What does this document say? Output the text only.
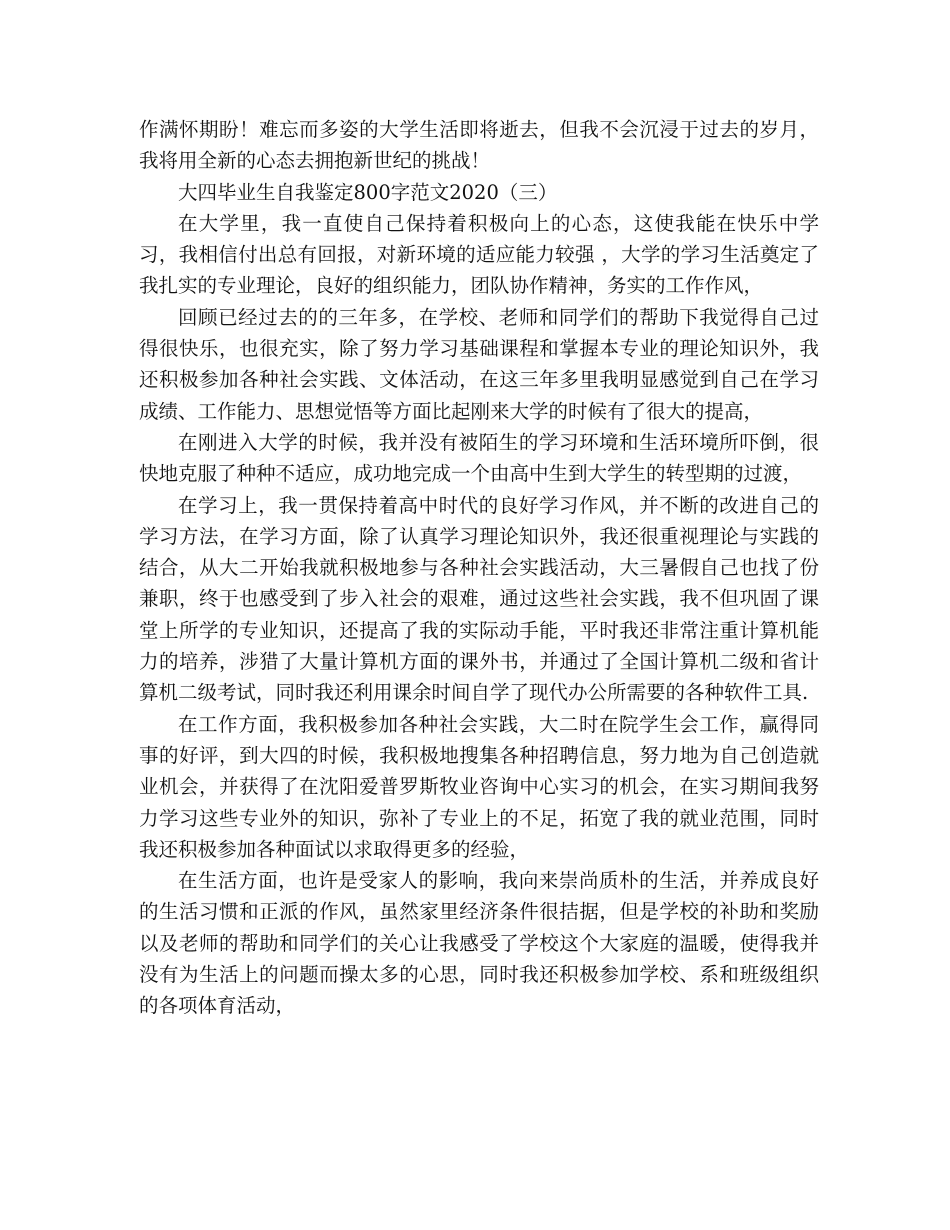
作满怀期盼！难忘而多姿的大学生活即将逝去，但我不会沉浸于过去的岁月，我将用全新的心态去拥抱新世纪的挑战！

大四毕业生自我鉴定800字范文2020（三）

在大学里，我一直使自己保持着积极向上的心态，这使我能在快乐中学习，我相信付出总有回报，对新环境的适应能力较强 ，大学的学习生活奠定了我扎实的专业理论，良好的组织能力，团队协作精神，务实的工作作风，

回顾已经过去的的三年多，在学校、老师和同学们的帮助下我觉得自己过得很快乐，也很充实，除了努力学习基础课程和掌握本专业的理论知识外，我还积极参加各种社会实践、文体活动，在这三年多里我明显感觉到自己在学习成绩、工作能力、思想觉悟等方面比起刚来大学的时候有了很大的提高，

在刚进入大学的时候，我并没有被陌生的学习环境和生活环境所吓倒，很快地克服了种种不适应，成功地完成一个由高中生到大学生的转型期的过渡，

在学习上，我一贯保持着高中时代的良好学习作风，并不断的改进自己的学习方法，在学习方面，除了认真学习理论知识外，我还很重视理论与实践的结合，从大二开始我就积极地参与各种社会实践活动，大三暑假自己也找了份兼职，终于也感受到了步入社会的艰难，通过这些社会实践，我不但巩固了课堂上所学的专业知识，还提高了我的实际动手能，平时我还非常注重计算机能力的培养，涉猎了大量计算机方面的课外书，并通过了全国计算机二级和省计算机二级考试，同时我还利用课余时间自学了现代办公所需要的各种软件工具.

在工作方面，我积极参加各种社会实践，大二时在院学生会工作，赢得同事的好评，到大四的时候，我积极地搜集各种招聘信息，努力地为自己创造就业机会，并获得了在沈阳爱普罗斯牧业咨询中心实习的机会，在实习期间我努力学习这些专业外的知识，弥补了专业上的不足，拓宽了我的就业范围，同时我还积极参加各种面试以求取得更多的经验，

在生活方面，也许是受家人的影响，我向来崇尚质朴的生活，并养成良好的生活习惯和正派的作风，虽然家里经济条件很拮据，但是学校的补助和奖励以及老师的帮助和同学们的关心让我感受了学校这个大家庭的温暖，使得我并没有为生活上的问题而操太多的心思，同时我还积极参加学校、系和班级组织的各项体育活动，
